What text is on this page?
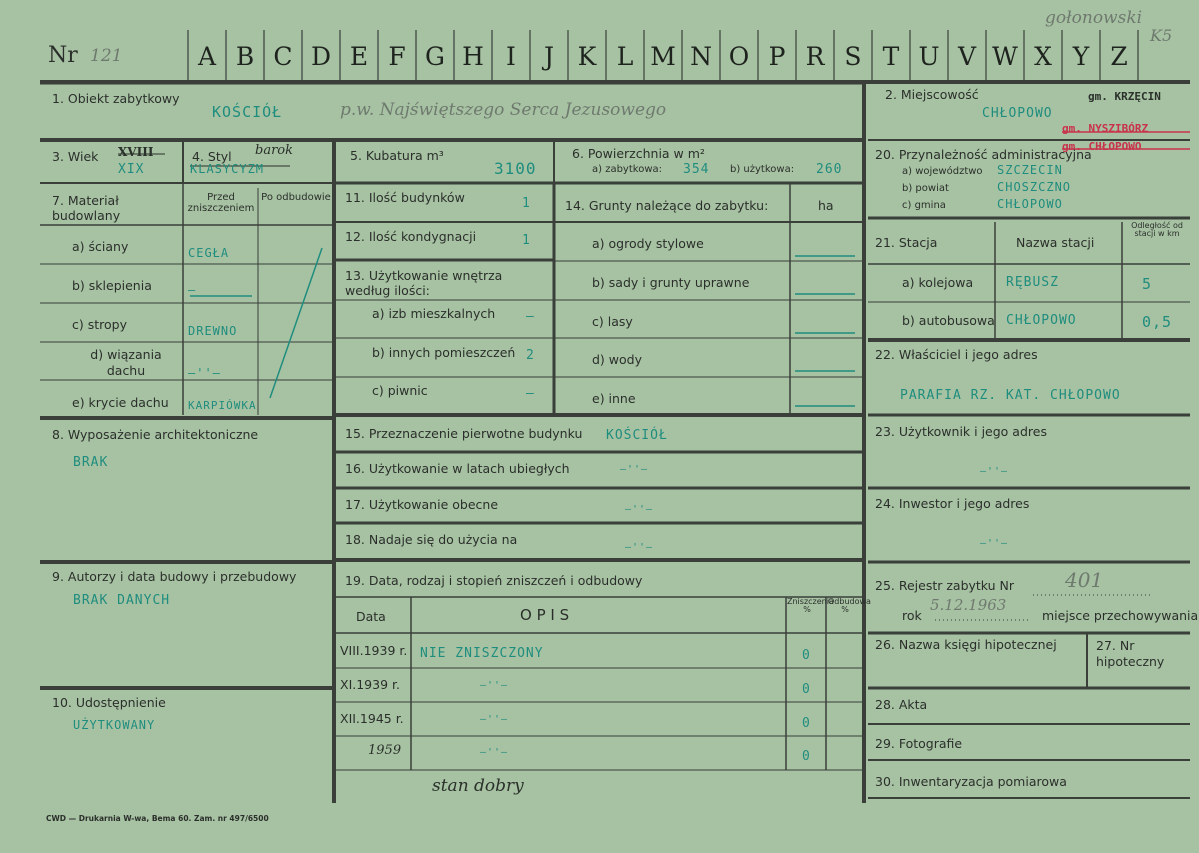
Nr 121	A B C D E F G H I	J K L M N O P R S T U V W X Y Z
gołonowski
K5
1. Obiekt zabytkowy
KOŚCIÓŁ	p.w. Najświętszego Serca Jezusowego
2. Miejscowość
CHŁOPOWO
gm. KRZĘCIN
gm. NYSZIBÓRZ
gm. CHŁOPOWO
3. Wiek XVIII
XIX
4. Styl barok
KLASYCYZM
5. Kubatura m³
3100
6. Powierzchnia w m²
a) zabytkowa: 354 b) użytkowa: 260
7. Materiał budowlany
Przed zniszczeniem
Po odbudowie
a) ściany	CEGŁA
b) sklepienia	—
c) stropy	DREWNO
d) wiązania dachu	—''—
e) krycie dachu KARPIÓWKA
8. Wyposażenie architektoniczne
BRAK
9. Autorzy i data budowy i przebudowy
BRAK DANYCH
10. Udostępnienie
UŻYTKOWANY
11. Ilość budynków	1
12. Ilość kondygnacji	1
13. Użytkowanie wnętrza według ilości:
a) izb mieszkalnych —
b) innych pomieszczeń 2
c) piwnic	—
14. Grunty należące do zabytku:	ha
a) ogrody stylowe
b) sady i grunty uprawne
c) lasy
d) wody
e) inne
15. Przeznaczenie pierwotne budynku KOŚCIÓŁ
16. Użytkowanie w latach ubiegłych	—''—
17. Użytkowanie obecne	—''—
18. Nadaje się do użycia na
—''—
19. Data, rodzaj i stopień zniszczeń i odbudowy
Data	O P I S
Zniszczenia %
Odbudowa %
VIII.1939 r. NIE ZNISZCZONY	0
XI.1939 r.	—''—	0
XII.1945 r.	—''—	0
1959	—''—	0
stan dobry
20. Przynależność administracyjna
a) województwo SZCZECIN
b) powiat	CHOSZCZNO
c) gmina	CHŁOPOWO
21. Stacja	Nazwa stacji
Odległość od stacji w km
a) kolejowa	RĘBUSZ	5
b) autobusowa CHŁOPOWO	0,5
22. Właściciel i jego adres
PARAFIA RZ. KAT. CHŁOPOWO
23. Użytkownik i jego adres
—''—
24. Inwestor i jego adres
—''—
25. Rejestr zabytku Nr	401
rok
5.12.1963
miejsce przechowywania
26. Nazwa księgi hipotecznej	27. Nr hipoteczny
28. Akta
29. Fotografie
30. Inwentaryzacja pomiarowa
CWD — Drukarnia W-wa, Bema 60. Zam. nr 497/6500
